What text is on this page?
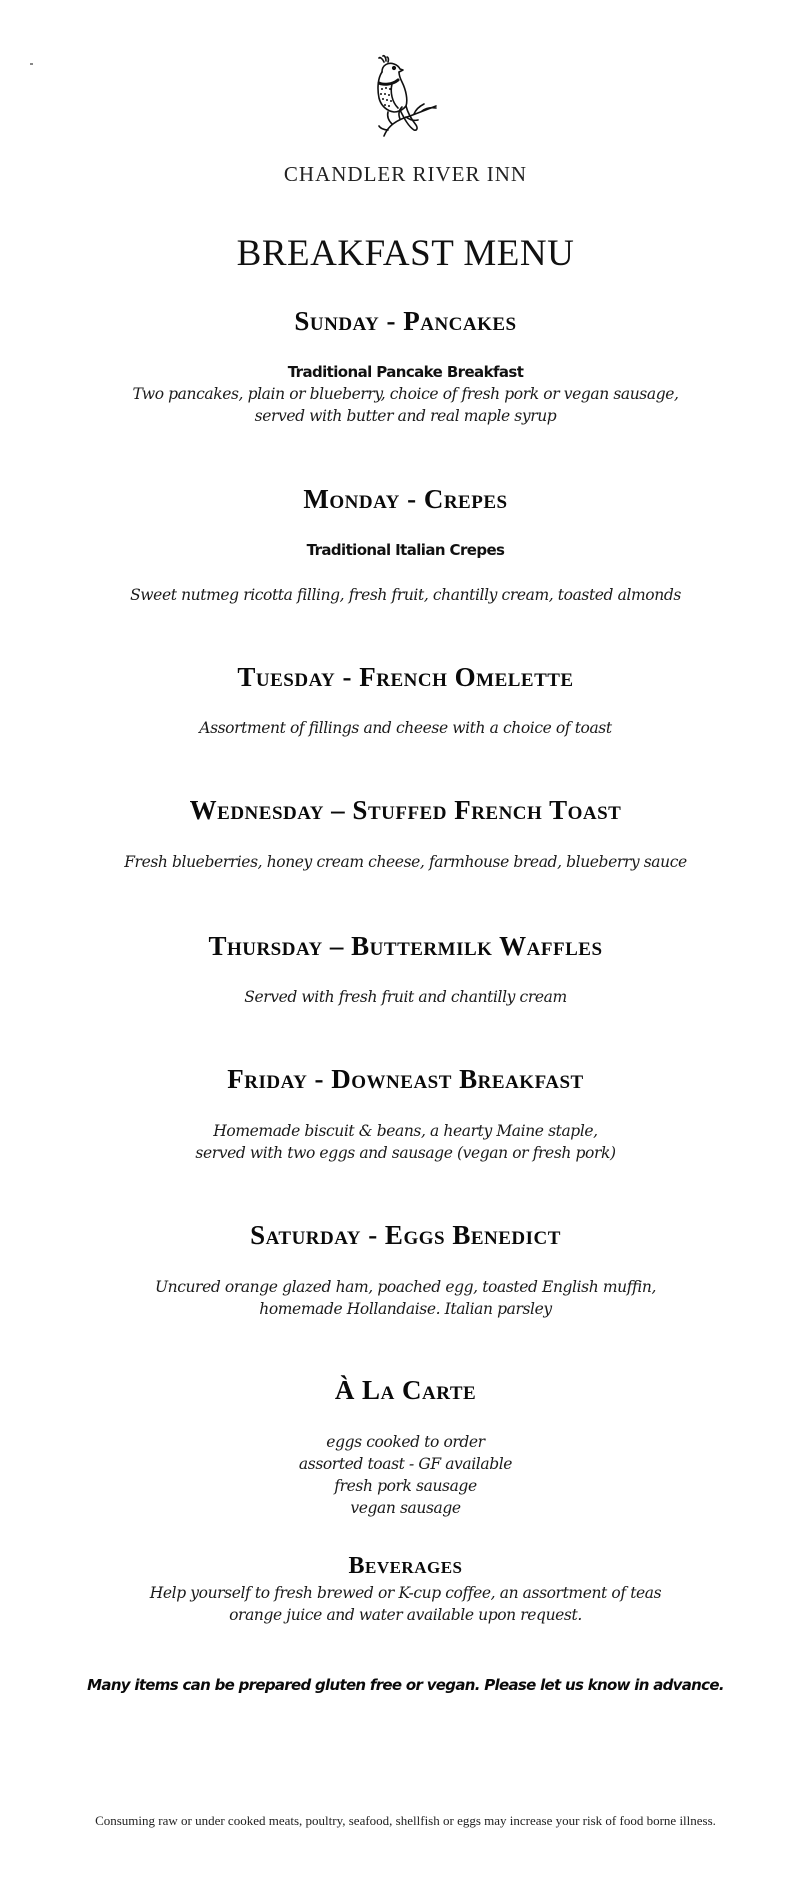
CHANDLER RIVER INN
BREAKFAST MENU
Sunday - Pancakes
Traditional Pancake Breakfast
Two pancakes, plain or blueberry, choice of fresh pork or vegan sausage,
served with butter and real maple syrup
Monday - Crepes
Traditional Italian Crepes
Sweet nutmeg ricotta filling, fresh fruit, chantilly cream, toasted almonds
Tuesday - French Omelette
Assortment of fillings and cheese with a choice of toast
Wednesday – Stuffed French Toast
Fresh blueberries, honey cream cheese, farmhouse bread, blueberry sauce
Thursday – Buttermilk Waffles
Served with fresh fruit and chantilly cream
Friday - Downeast Breakfast
Homemade biscuit & beans, a hearty Maine staple,
served with two eggs and sausage (vegan or fresh pork)
Saturday - Eggs Benedict
Uncured orange glazed ham, poached egg, toasted English muffin,
homemade Hollandaise. Italian parsley
À La Carte
eggs cooked to order
assorted toast - GF available
fresh pork sausage
vegan sausage
Beverages
Help yourself to fresh brewed or K-cup coffee, an assortment of teas
orange juice and water available upon request.
Many items can be prepared gluten free or vegan. Please let us know in advance.
Consuming raw or under cooked meats, poultry, seafood, shellfish or eggs may increase your risk of food borne illness.
